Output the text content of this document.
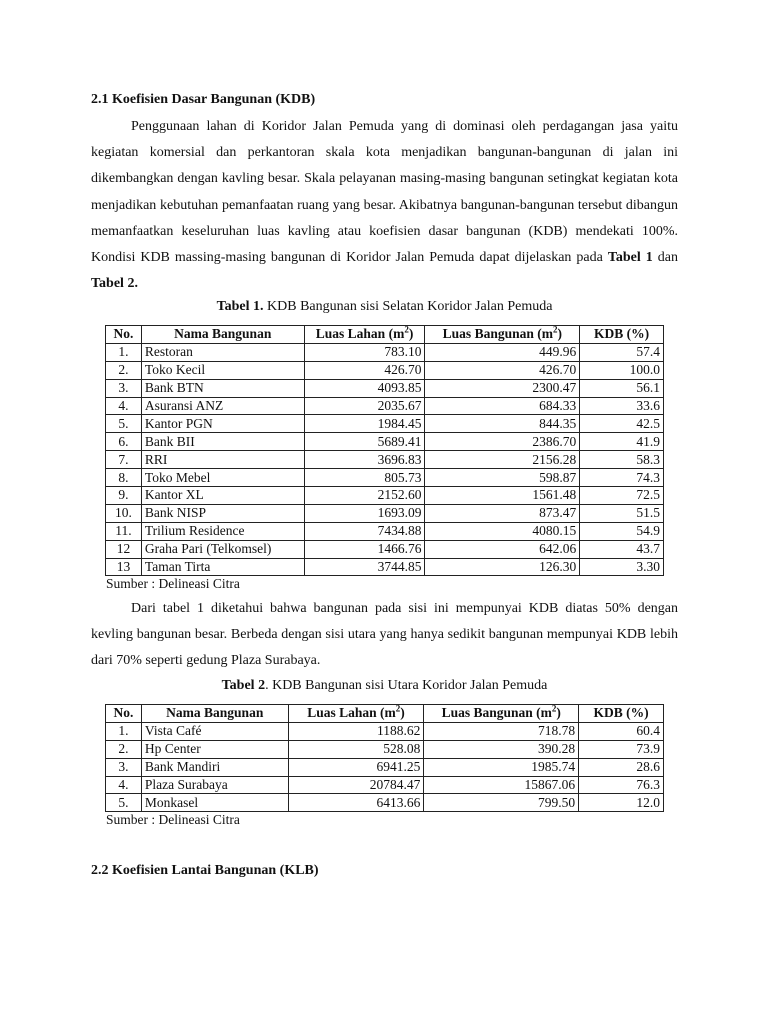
2.1 Koefisien Dasar Bangunan (KDB)

Penggunaan lahan di Koridor Jalan Pemuda yang di dominasi oleh perdagangan jasa yaitu kegiatan komersial dan perkantoran skala kota menjadikan bangunan-bangunan di jalan ini dikembangkan dengan kavling besar. Skala pelayanan masing-masing bangunan setingkat kegiatan kota menjadikan kebutuhan pemanfaatan ruang yang besar. Akibatnya bangunan-bangunan tersebut dibangun memanfaatkan keseluruhan luas kavling atau koefisien dasar bangunan (KDB) mendekati 100%. Kondisi KDB massing-masing bangunan di Koridor Jalan Pemuda dapat dijelaskan pada Tabel 1 dan Tabel 2.

Tabel 1. KDB Bangunan sisi Selatan Koridor Jalan Pemuda
No.	Nama Bangunan	Luas Lahan $(m^2)$	Luas Bangunan $(m^2)$	KDB (%)
1.	Restoran	783.10	449.96	57.4
2.	Toko Kecil	426.70	426.70	100.0
3.	Bank BTN	4093.85	2300.47	56.1
4.	Asuransi ANZ	2035.67	684.33	33.6
5.	Kantor PGN	1984.45	844.35	42.5
6.	Bank BII	5689.41	2386.70	41.9
7.	RRI	3696.83	2156.28	58.3
8.	Toko Mebel	805.73	598.87	74.3
9.	Kantor XL	2152.60	1561.48	72.5
10.	Bank NISP	1693.09	873.47	51.5
11.	Trilium Residence	7434.88	4080.15	54.9
12	Graha Pari (Telkomsel)	1466.76	642.06	43.7
13	Taman Tirta	3744.85	126.30	3.30
Sumber : Delineasi Citra

Dari tabel 1 diketahui bahwa bangunan pada sisi ini mempunyai KDB diatas 50% dengan kevling bangunan besar. Berbeda dengan sisi utara yang hanya sedikit bangunan mempunyai KDB lebih dari 70% seperti gedung Plaza Surabaya.

Tabel 2. KDB Bangunan sisi Utara Koridor Jalan Pemuda
2.2 Koefisien Lantai Bangunan (KLB)
No.	Nama Bangunan	Luas Lahan $(m^2)$	Luas Bangunan $(m^2)$	KDB (%)
1.	Vista Café	1188.62	718.78	60.4
2.	Hp Center	528.08	390.28	73.9
3.	Bank Mandiri	6941.25	1985.74	28.6
4.	Plaza Surabaya	20784.47	15867.06	76.3
5.	Monkasel	6413.66	799.50	12.0
Sumber : Delineasi Citra
